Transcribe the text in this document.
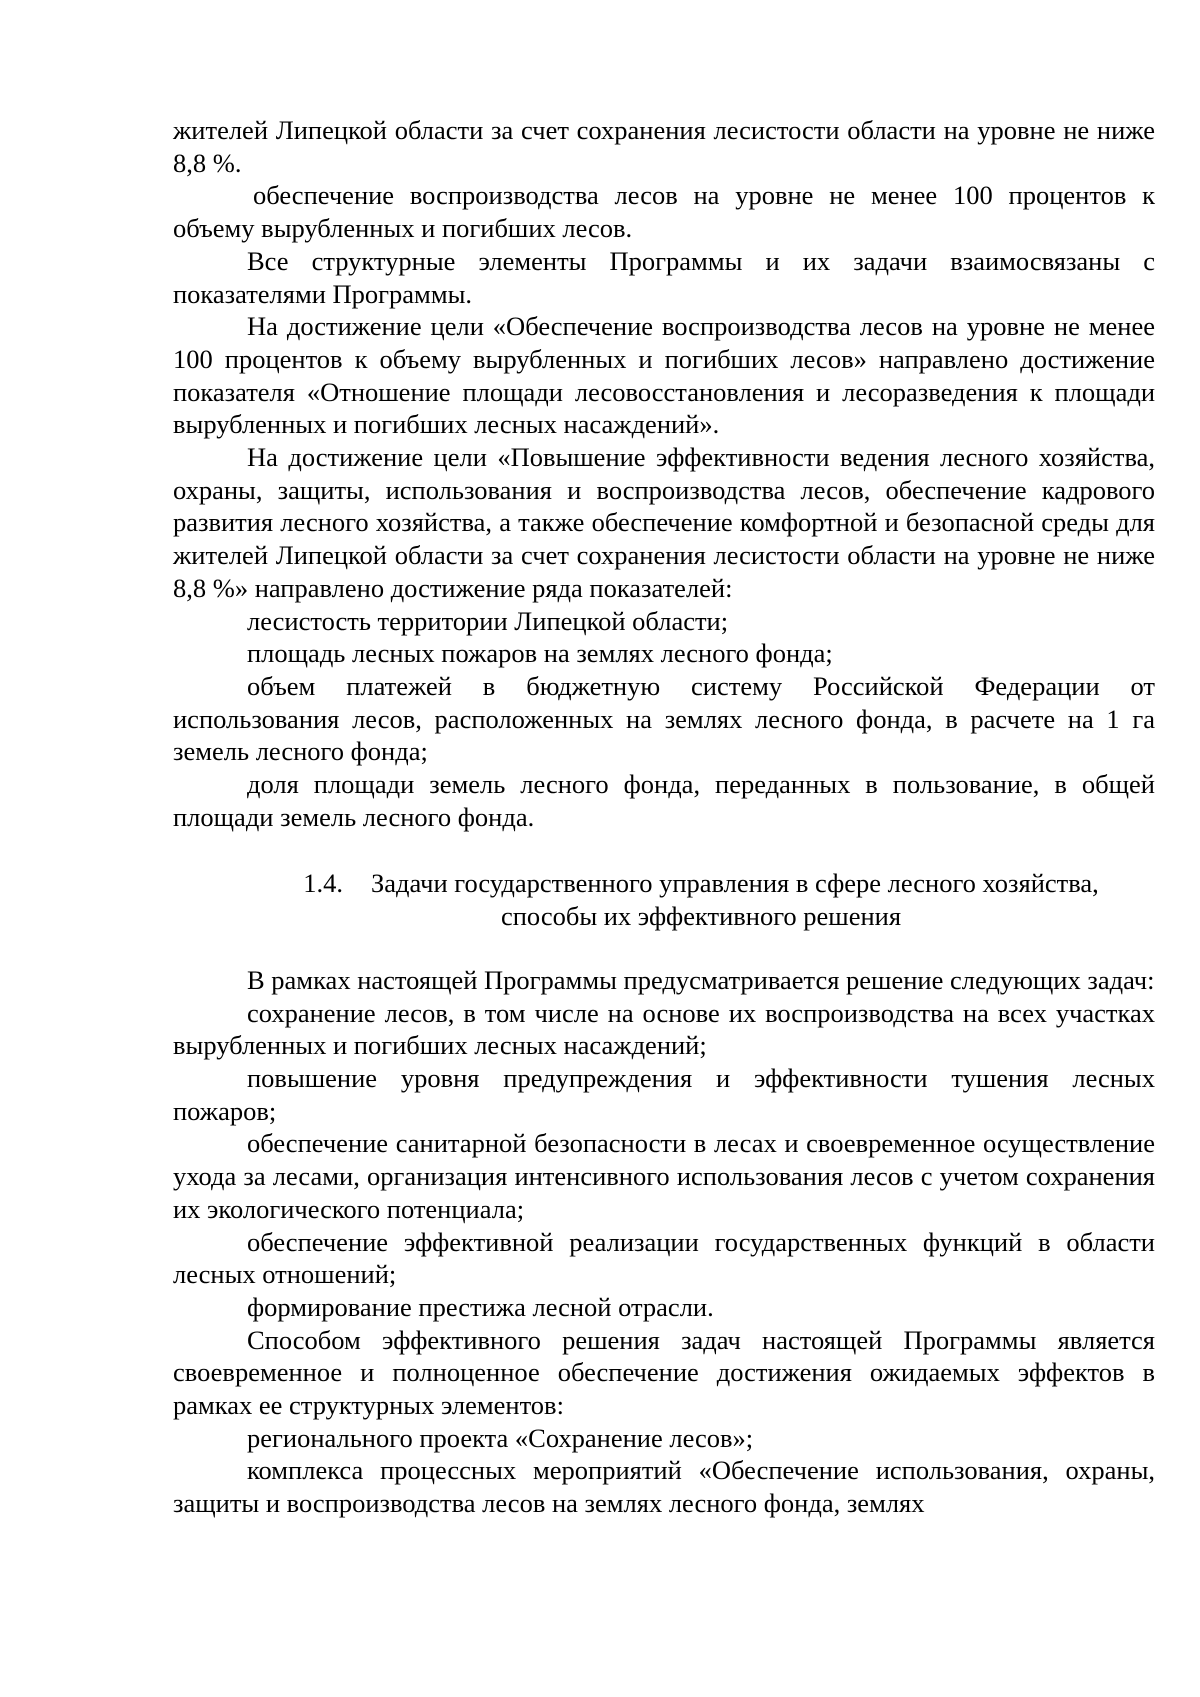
жителей Липецкой области за счет сохранения лесистости области на уровне не ниже 8,8 %.

обеспечение воспроизводства лесов на уровне не менее 100 процентов к объему вырубленных и погибших лесов.

Все структурные элементы Программы и их задачи взаимосвязаны с показателями Программы.

На достижение цели «Обеспечение воспроизводства лесов на уровне не менее 100 процентов к объему вырубленных и погибших лесов» направлено достижение показателя «Отношение площади лесовосстановления и лесоразведения к площади вырубленных и погибших лесных насаждений».

На достижение цели «Повышение эффективности ведения лесного хозяйства, охраны, защиты, использования и воспроизводства лесов, обеспечение кадрового развития лесного хозяйства, а также обеспечение комфортной и безопасной среды для жителей Липецкой области за счет сохранения лесистости области на уровне не ниже 8,8 %» направлено достижение ряда показателей:

лесистость территории Липецкой области;

площадь лесных пожаров на землях лесного фонда;

объем платежей в бюджетную систему Российской Федерации от использования лесов, расположенных на землях лесного фонда, в расчете на 1 га земель лесного фонда;

доля площади земель лесного фонда, переданных в пользование, в общей площади земель лесного фонда.

1.4. Задачи государственного управления в сфере лесного хозяйства,
способы их эффективного решения

В рамках настоящей Программы предусматривается решение следующих задач:

сохранение лесов, в том числе на основе их воспроизводства на всех участках вырубленных и погибших лесных насаждений;

повышение уровня предупреждения и эффективности тушения лесных пожаров;

обеспечение санитарной безопасности в лесах и своевременное осуществление ухода за лесами, организация интенсивного использования лесов с учетом сохранения их экологического потенциала;

обеспечение эффективной реализации государственных функций в области лесных отношений;

формирование престижа лесной отрасли.

Способом эффективного решения задач настоящей Программы является своевременное и полноценное обеспечение достижения ожидаемых эффектов в рамках ее структурных элементов:

регионального проекта «Сохранение лесов»;

комплекса процессных мероприятий «Обеспечение использования, охраны, защиты и воспроизводства лесов на землях лесного фонда, землях
